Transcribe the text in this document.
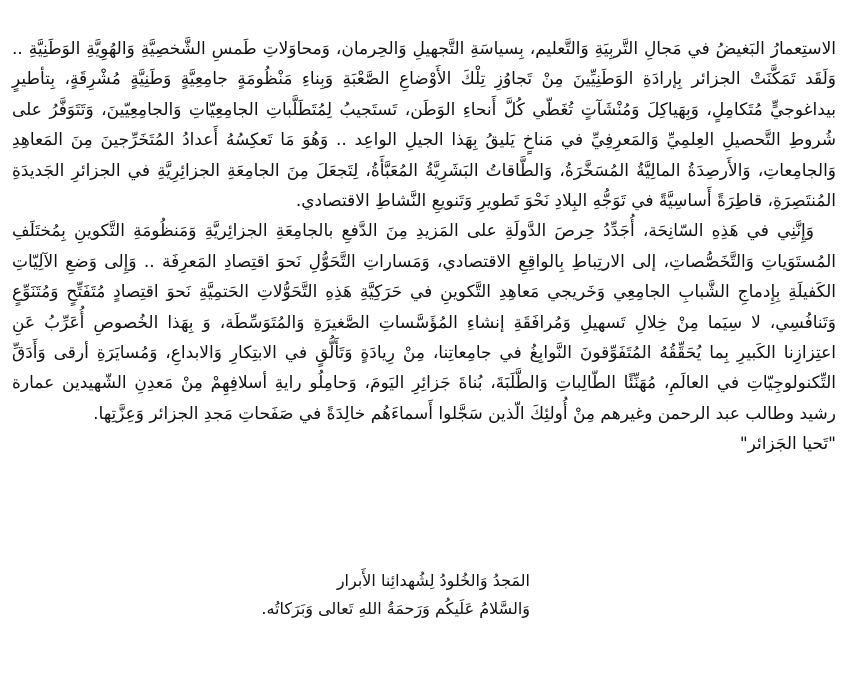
الاستِعمارُ البَغيضُ في مَجالِ التَّربِيَةِ وَالتَّعليم، بِسياسَةِ التَّجهيلِ وَالحِرمان، وَمحاوَلاتِ طَمسِ الشَّخصِيَّةِ وَالهُوِيَّةِ الوَطَنِيَّةِ .. وَلَقَد تَمَكَّنَتْ الجزائر بِإرادَةِ الوَطَنِيِّينَ مِنْ تَجاوُزِ تِلْكَ الأَوْضاعِ الصَّعْبَةِ وَبِناءِ مَنْظُومَةٍ جامِعِيَّةٍ وَطَنِيَّةٍ مُشْرِقَةٍ، بِتأطيرٍ بيداغوجيٍّ مُتَكامِلٍ، وَبِهَياكِلَ وَمُنْشَآتٍ تُغَطّي كُلَّ أَنحاءِ الوَطَن، تَستَجيبُ لِمُتَطَلَّباتِ الجامِعِيّاتِ وَالجامِعِيّينَ، وَتَتَوَفَّرُ على شُروطِ التَّحصيلِ العِلمِيِّ وَالمَعرِفِيِّ في مَناخٍ يَليقُ بِهَذا الجيلِ الواعِد .. وَهُوَ مَا تَعكِسُهُ أَعدادُ المُتَخَرِّجينَ مِنَ المَعاهِدِ وَالجامِعاتِ، وَالأَرصِدَةُ المالِيَّةُ المُسَخَّرَةُ، وَالطَّاقاتُ البَشَرِيَّةُ المُعَبَّأَةُ، لِتَجعَلَ مِنَ الجامِعَةِ الجزائِرِيَّةِ في الجزائرِ الجَديدَةِ المُنتَصِرَةِ، قاطِرَةً أَساسِيَّةً في تَوَجُّهِ البِلادِ نَحْوَ تَطويرِ وَتَنويعِ النَّشاطِ الاقتصادي.

وَإِنَّنِي في هَذِهِ السّانِحَة، أُجَدِّدُ حِرصَ الدَّولَةِ على المَزيدِ مِنَ الدَّفعِ بالجامِعَةِ الجزائِريَّةِ وَمَنظُومَةِ التَّكوينِ بِمُختَلَفِ المُستَوَياتِ وَالتَّخَصُّصاتِ، إلى الارتِباطِ بِالواقِعِ الاقتصادي، وَمَساراتِ التَّحَوُّلِ نَحوَ اقتِصادِ المَعرِفَة .. وَإِلى وَضعِ الآلِيّاتِ الكَفيلَةِ بِإِدماجِ الشَّبابِ الجامِعِي وَخَريجي مَعاهِدِ التَّكوينِ في حَرَكِيَّةِ هَذِهِ التَّحَوُّلاتِ الحَتمِيَّةِ نَحوَ اقتِصادٍ مُتَفَتِّحٍ وَمُتَنَوِّعٍ وَتَنافُسِي، لا سِيَما مِنْ خِلالِ تَسهيلِ وَمُرافَقَةِ إنشاءِ المُؤَسَّساتِ الصَّغيرَةِ وَالمُتَوَسِّطَة، وَ بِهَذا الخُصوصِ أُعَرِّبُ عَنِ اعتِزازِنا الكَبيرِ بِما يُحَقِّقُهُ المُتَفَوِّقونَ النَّوابِغُ في جامِعاتِنا، مِنْ رِيادَةٍ وَتَأَلُّقٍ في الابتِكارِ وَالابداعِ، وَمُسايَرَةِ أرقى وَأَدَقِّ التِّكنولوجِيّاتِ في العالَمِ، مُهَنِّئًا الطّالِباتِ وَالطَّلَبَةَ، بُناةَ جَزائِرِ اليَومَ، وَحامِلُو رايةِ أسلافِهِمْ مِنْ مَعدِنِ الشّهيدين عمارة رشيد وطالب عبد الرحمن وغيرهم مِنْ أُولئِكَ الّذين سَجَّلوا أَسماءَهُم خالِدَةً في صَفَحاتِ مَجدِ الجزائر وَعِزَّتِها.

"تَحيا الجَزائر"

المَجدُ وَالخُلودُ لِشُهدائِنا الأَبرار
وَالسَّلامُ عَلَيكُم وَرَحمَةُ اللهِ تَعالى وَبَرَكاتُه.
